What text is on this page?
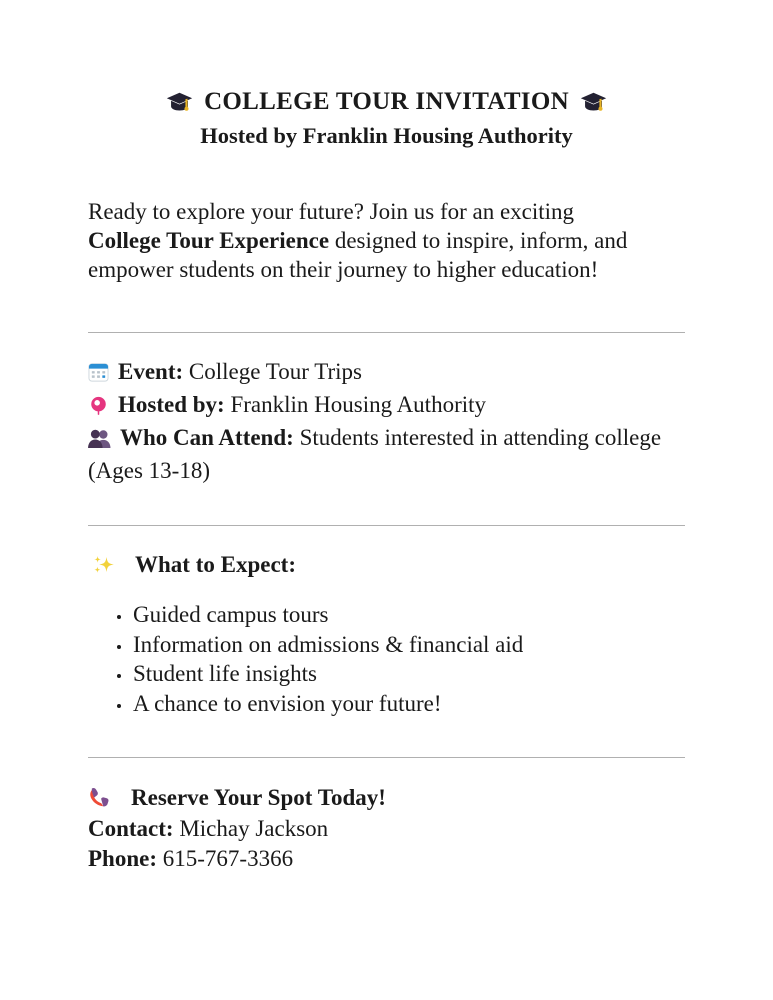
COLLEGE TOUR INVITATION
Hosted by Franklin Housing Authority

Ready to explore your future? Join us for an exciting College Tour Experience designed to inspire, inform, and empower students on their journey to higher education!

Event: College Tour Trips
Hosted by: Franklin Housing Authority
Who Can Attend: Students interested in attending college (Ages 13-18)
What to Expect:
Guided campus tours
Information on admissions & financial aid
Student life insights
A chance to envision your future!
Reserve Your Spot Today!
Contact: Michay Jackson
Phone: 615-767-3366
